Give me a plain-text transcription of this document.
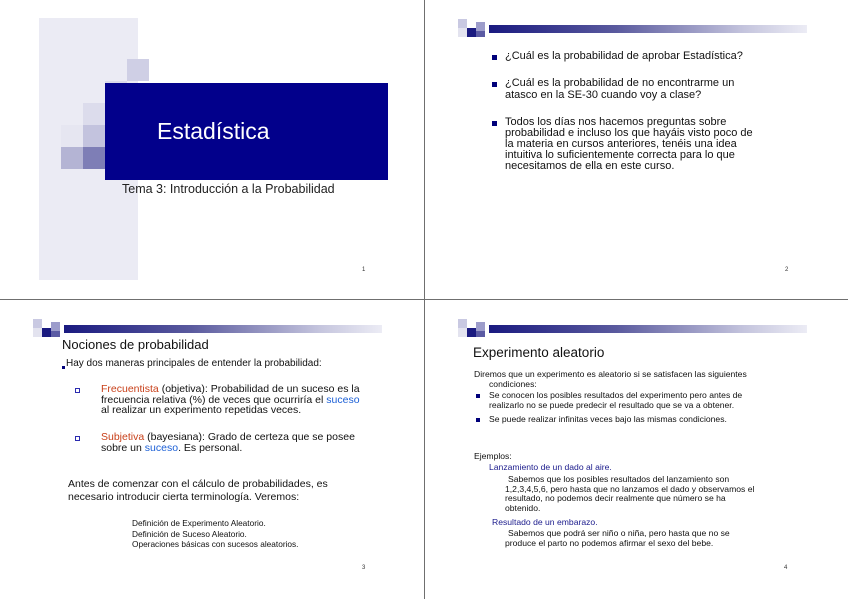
Estadística
Tema 3: Introducción a la Probabilidad
1
¿Cuál es la probabilidad de aprobar Estadística?
¿Cuál es la probabilidad de no encontrarme un
atasco en la SE-30 cuando voy a clase?
Todos los días nos hacemos preguntas sobre
probabilidad e incluso los que hayáis visto poco de
la materia en cursos anteriores, tenéis una idea
intuitiva lo suficientemente correcta para lo que
necesitamos de ella en este curso.
2
Nociones de probabilidad
Hay dos maneras principales de entender la probabilidad:
Frecuentista (objetiva): Probabilidad de un suceso es la
frecuencia relativa (%) de veces que ocurriría el suceso
al realizar un experimento repetidas veces.
Subjetiva (bayesiana): Grado de certeza que se posee
sobre un suceso. Es personal.
Antes de comenzar con el cálculo de probabilidades, es
necesario introducir cierta terminología. Veremos:
Definición de Experimento Aleatorio.
Definición de Suceso Aleatorio.
Operaciones básicas con sucesos aleatorios.
3
Experimento aleatorio
Diremos que un experimento es aleatorio si se satisfacen las siguientes
condiciones:
Se conocen los posibles resultados del experimento pero antes de
realizarlo no se puede predecir el resultado que se va a obtener.
Se puede realizar infinitas veces bajo las mismas condiciones.
Ejemplos:
Lanzamiento de un dado al aire.
Sabemos que los posibles resultados del lanzamiento son
1,2,3,4,5,6, pero hasta que no lanzamos el dado y observamos el
resultado, no podemos decir realmente que número se ha
obtenido.
Resultado de un embarazo.
Sabemos que podrá ser niño o niña, pero hasta que no se
produce el parto no podemos afirmar el sexo del bebe.
4
